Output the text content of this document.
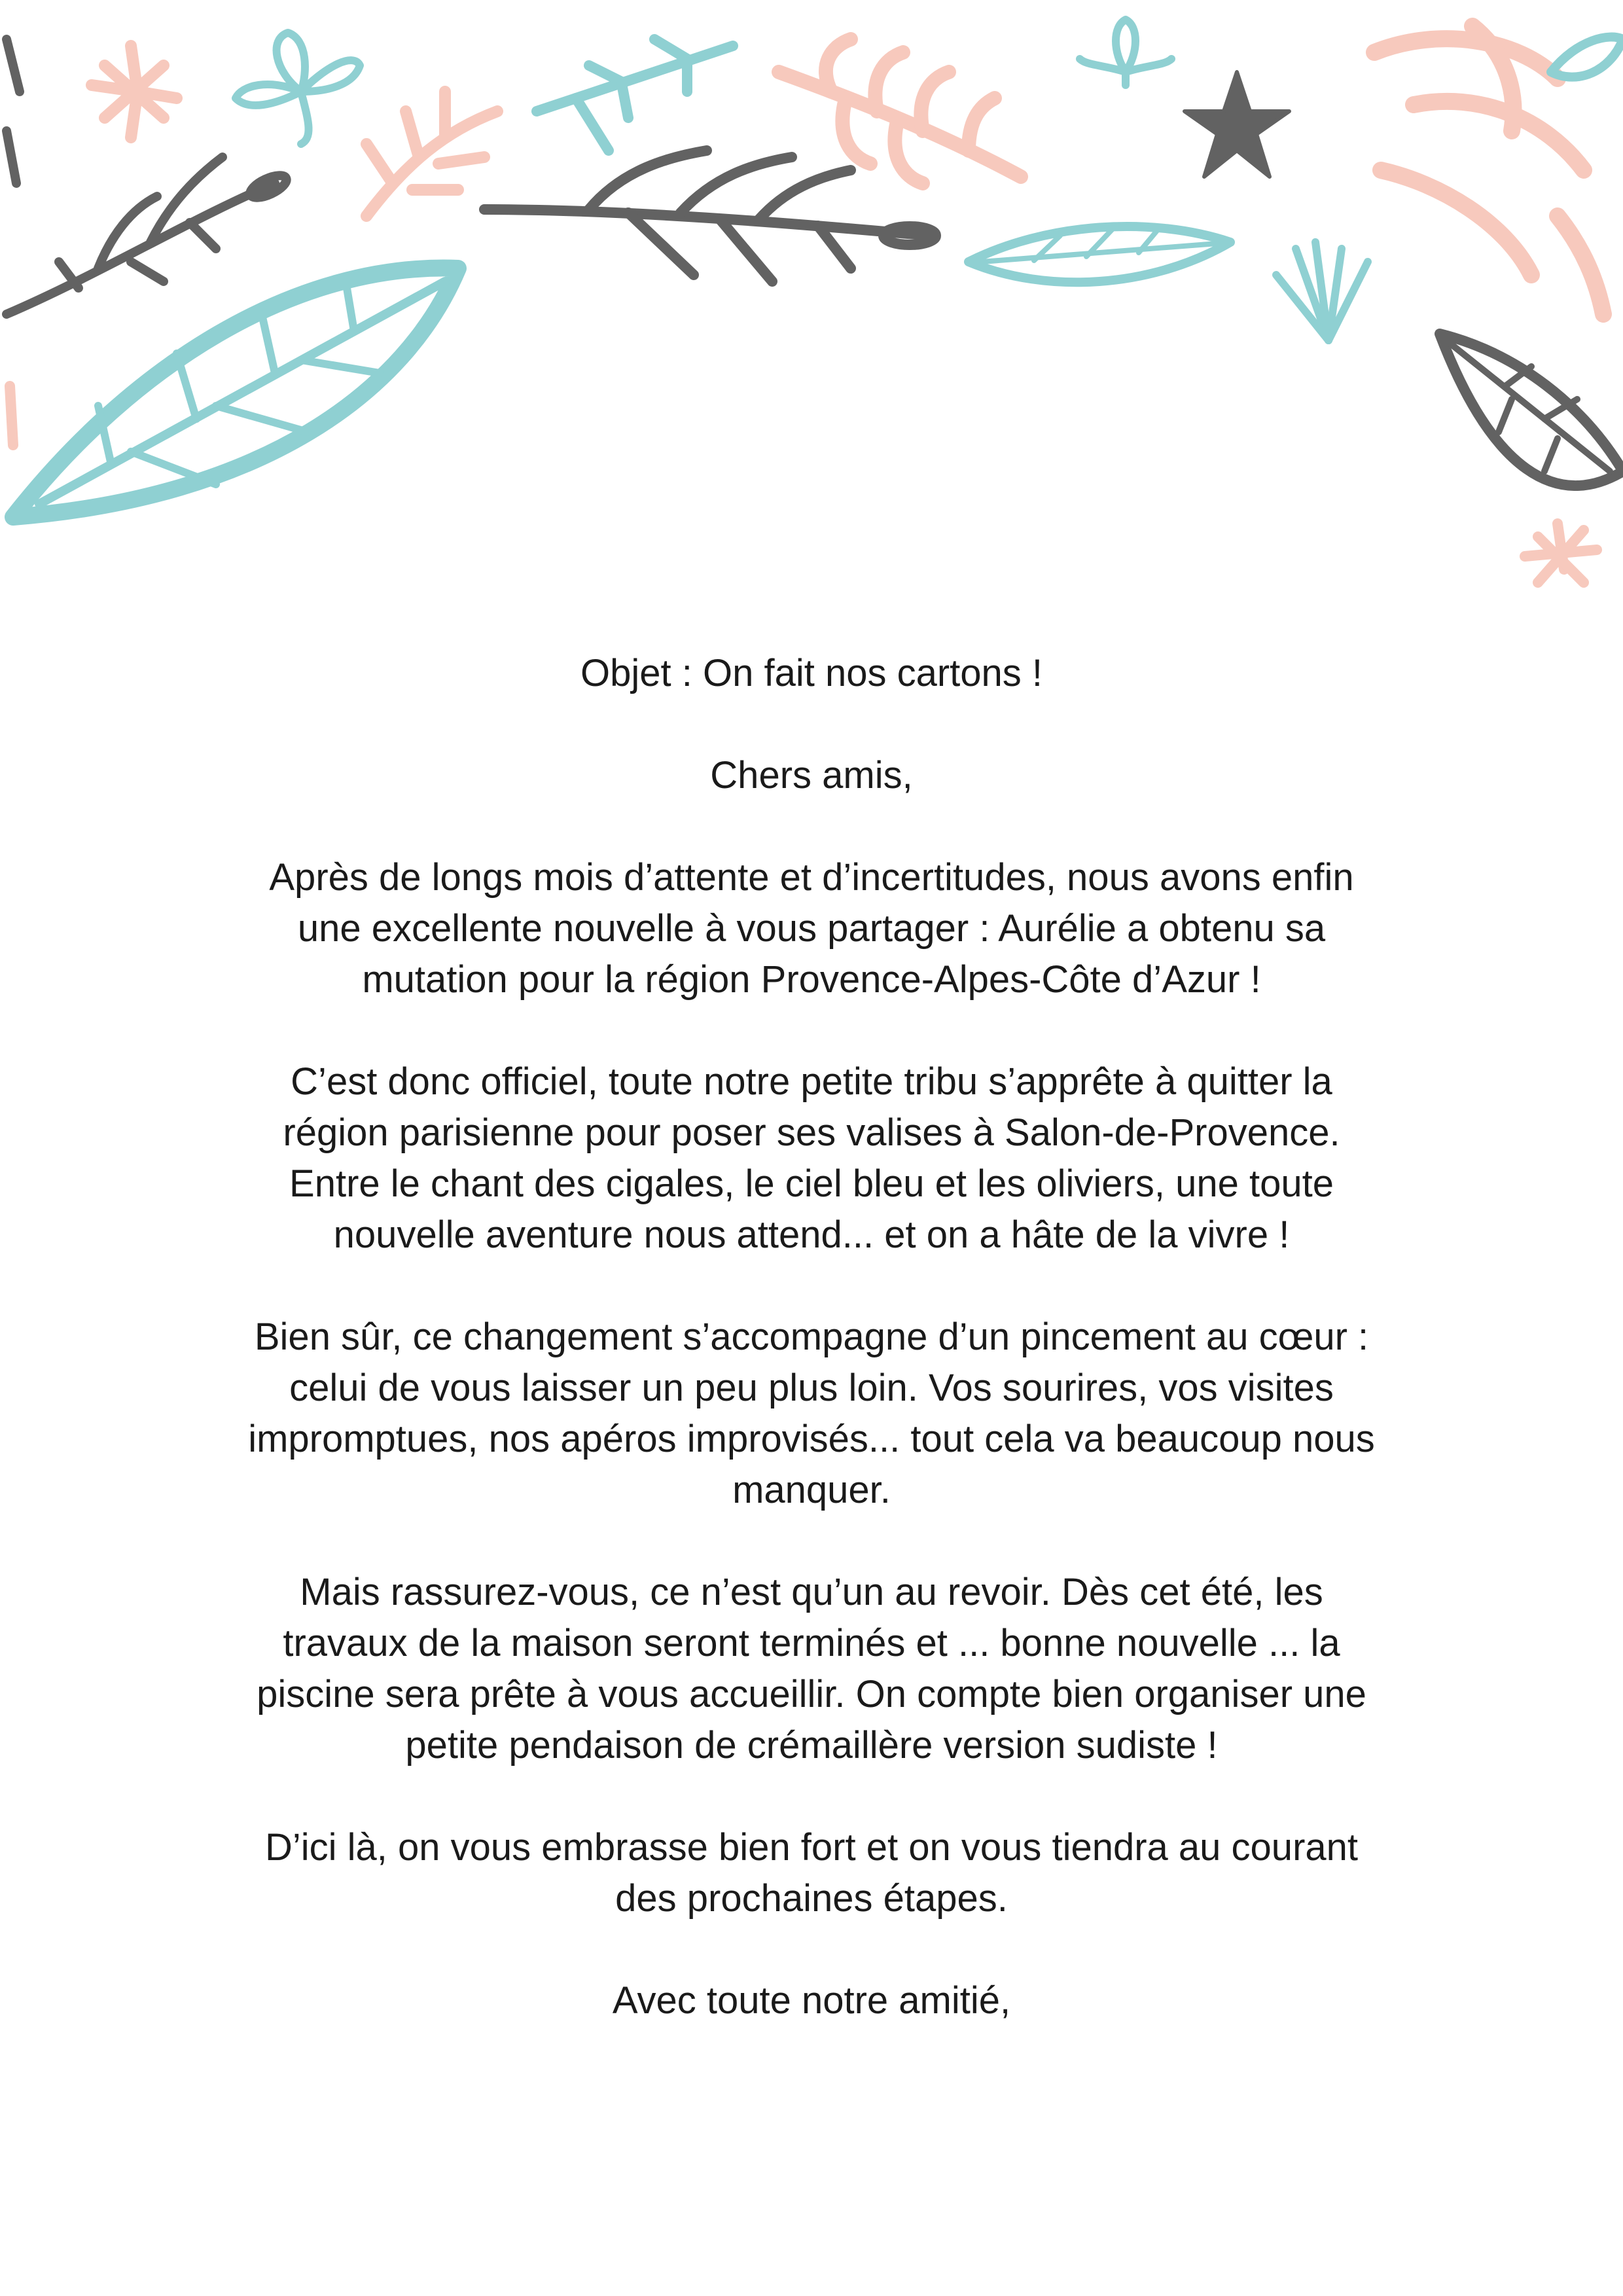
Objet : On fait nos cartons !

Chers amis,

Après de longs mois d’attente et d’incertitudes, nous avons enfin

une excellente nouvelle à vous partager : Aurélie a obtenu sa

mutation pour la région Provence-Alpes-Côte d’Azur !

C’est donc officiel, toute notre petite tribu s’apprête à quitter la

région parisienne pour poser ses valises à Salon-de-Provence.

Entre le chant des cigales, le ciel bleu et les oliviers, une toute

nouvelle aventure nous attend... et on a hâte de la vivre !

Bien sûr, ce changement s’accompagne d’un pincement au cœur :

celui de vous laisser un peu plus loin. Vos sourires, vos visites

impromptues, nos apéros improvisés... tout cela va beaucoup nous

manquer.

Mais rassurez-vous, ce n’est qu’un au revoir. Dès cet été, les

travaux de la maison seront terminés et ... bonne nouvelle ... la

piscine sera prête à vous accueillir. On compte bien organiser une

petite pendaison de crémaillère version sudiste !

D’ici là, on vous embrasse bien fort et on vous tiendra au courant

des prochaines étapes.

Avec toute notre amitié,
